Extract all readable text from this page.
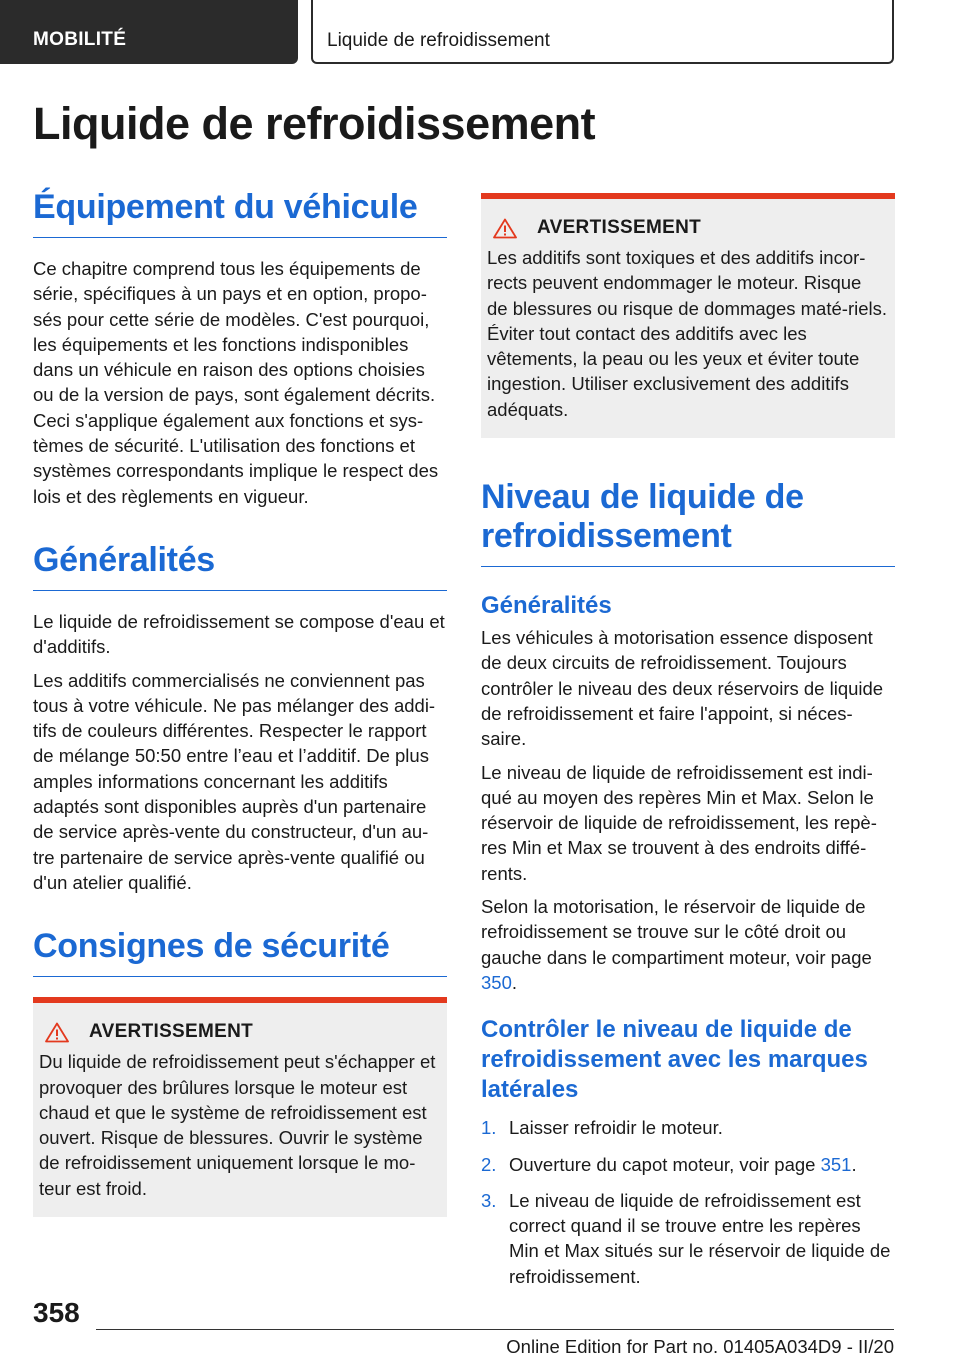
MOBILITÉ	Liquide de refroidissement
Liquide de refroidissement
Équipement du véhicule

Ce chapitre comprend tous les équipements de série, spécifiques à un pays et en option, propo-sés pour cette série de modèles. C'est pourquoi, les équipements et les fonctions indisponibles dans un véhicule en raison des options choisies ou de la version de pays, sont également décrits. Ceci s'applique également aux fonctions et sys-tèmes de sécurité. L'utilisation des fonctions et systèmes correspondants implique le respect des lois et des règlements en vigueur.

Généralités

Le liquide de refroidissement se compose d'eau et d'additifs.

Les additifs commercialisés ne conviennent pas tous à votre véhicule. Ne pas mélanger des addi-tifs de couleurs différentes. Respecter le rapport de mélange 50:50 entre l’eau et l’additif. De plus amples informations concernant les additifs adaptés sont disponibles auprès d'un partenaire de service après-vente du constructeur, d'un au-tre partenaire de service après-vente qualifié ou d'un atelier qualifié.

Consignes de sécurité
AVERTISSEMENT

Du liquide de refroidissement peut s'échapper et provoquer des brûlures lorsque le moteur est chaud et que le système de refroidissement est ouvert. Risque de blessures. Ouvrir le système de refroidissement uniquement lorsque le mo-teur est froid.

AVERTISSEMENT

Les additifs sont toxiques et des additifs incor-rects peuvent endommager le moteur. Risque de blessures ou risque de dommages maté-riels. Éviter tout contact des additifs avec les vêtements, la peau ou les yeux et éviter toute ingestion. Utiliser exclusivement des additifs adéquats.

Niveau de liquide de refroidissement
Généralités

Les véhicules à motorisation essence disposent de deux circuits de refroidissement. Toujours contrôler le niveau des deux réservoirs de liquide de refroidissement et faire l'appoint, si néces-saire.

Le niveau de liquide de refroidissement est indi-qué au moyen des repères Min et Max. Selon le réservoir de liquide de refroidissement, les repè-res Min et Max se trouvent à des endroits diffé-rents.

Selon la motorisation, le réservoir de liquide de refroidissement se trouve sur le côté droit ou gauche dans le compartiment moteur, voir page 350.

Contrôler le niveau de liquide de refroidissement avec les marques latérales
1. Laisser refroidir le moteur.
2. Ouverture du capot moteur, voir page 351.
3. Le niveau de liquide de refroidissement est correct quand il se trouve entre les repères Min et Max situés sur le réservoir de liquide de refroidissement.
358
Online Edition for Part no. 01405A034D9 - II/20
